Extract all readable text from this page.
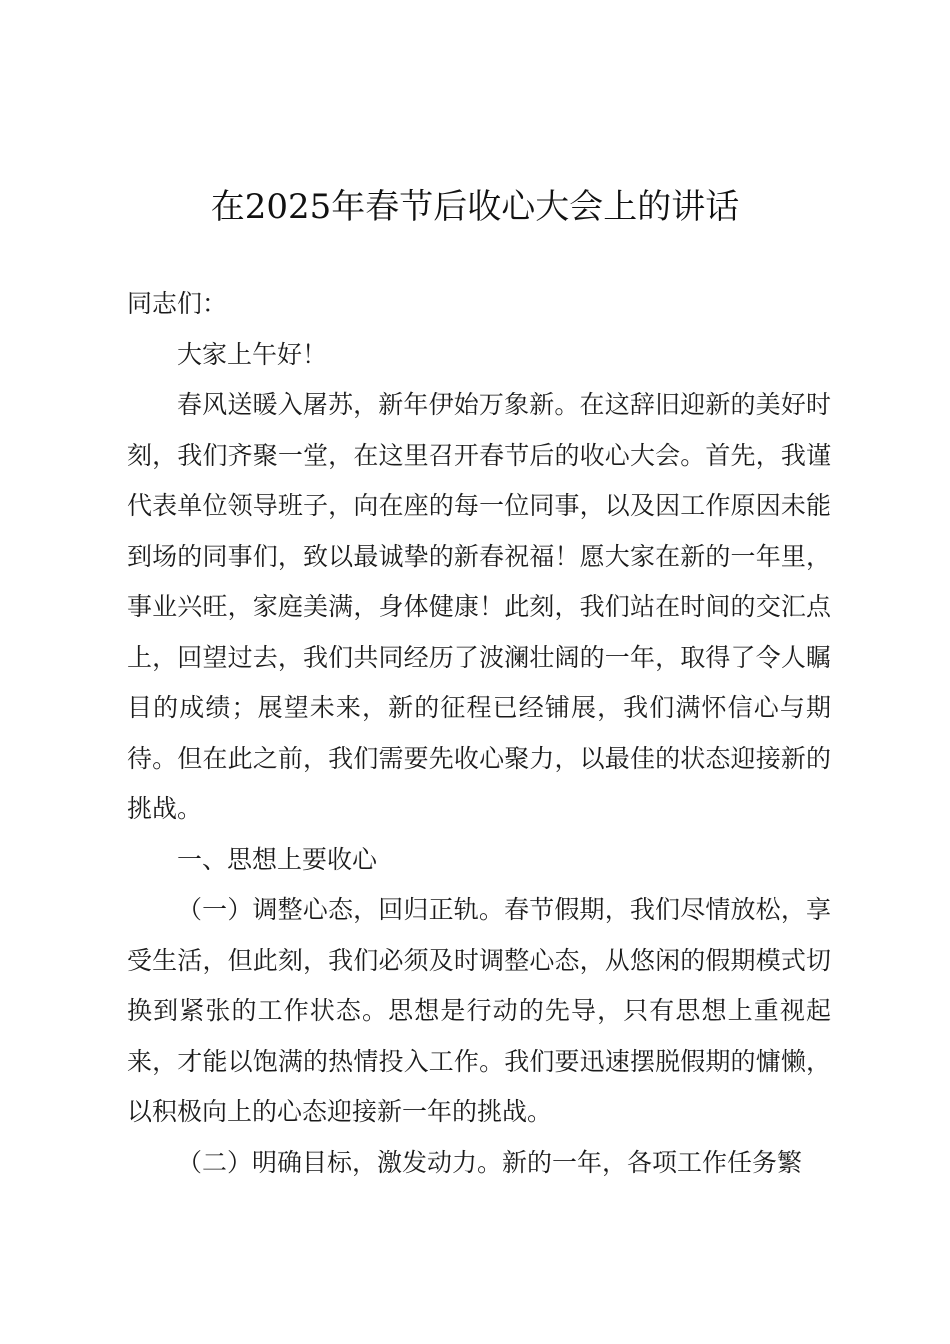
在2025年春节后收心大会上的讲话

同志们：

大家上午好！

春风送暖入屠苏，新年伊始万象新。在这辞旧迎新的美好时刻，我们齐聚一堂，在这里召开春节后的收心大会。首先，我谨代表单位领导班子，向在座的每一位同事，以及因工作原因未能到场的同事们，致以最诚挚的新春祝福！愿大家在新的一年里，事业兴旺，家庭美满，身体健康！此刻，我们站在时间的交汇点上，回望过去，我们共同经历了波澜壮阔的一年，取得了令人瞩目的成绩；展望未来，新的征程已经铺展，我们满怀信心与期待。但在此之前，我们需要先收心聚力，以最佳的状态迎接新的挑战。

一、思想上要收心

（一）调整心态，回归正轨。春节假期，我们尽情放松，享受生活，但此刻，我们必须及时调整心态，从悠闲的假期模式切换到紧张的工作状态。思想是行动的先导，只有思想上重视起来，才能以饱满的热情投入工作。我们要迅速摆脱假期的慵懒，以积极向上的心态迎接新一年的挑战。

（二）明确目标，激发动力。新的一年，各项工作任务繁
